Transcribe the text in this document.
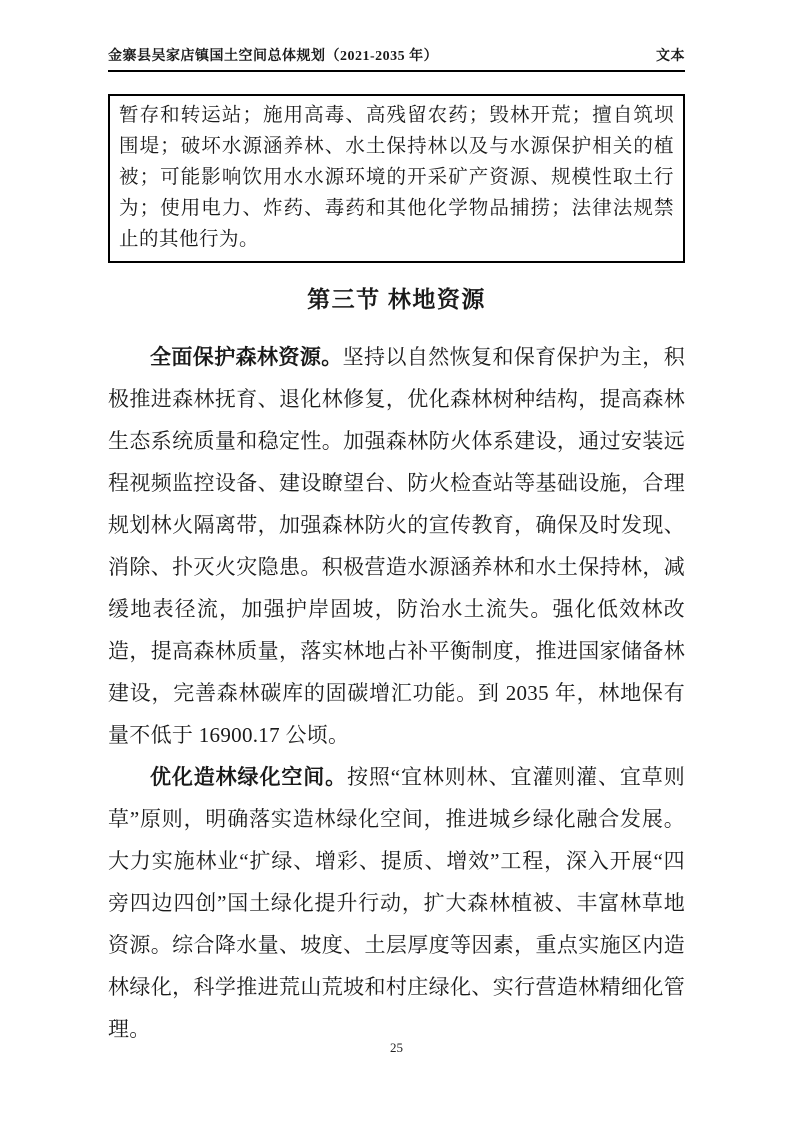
金寨县吴家店镇国土空间总体规划（2021-2035 年）	文本
暂存和转运站；施用高毒、高残留农药；毁林开荒；擅自筑坝围堤；破坏水源涵养林、水土保持林以及与水源保护相关的植被；可能影响饮用水水源环境的开采矿产资源、规模性取土行为；使用电力、炸药、毒药和其他化学物品捕捞；法律法规禁止的其他行为。
第三节 林地资源

全面保护森林资源。坚持以自然恢复和保育保护为主，积极推进森林抚育、退化林修复，优化森林树种结构，提高森林生态系统质量和稳定性。加强森林防火体系建设，通过安装远程视频监控设备、建设瞭望台、防火检查站等基础设施，合理规划林火隔离带，加强森林防火的宣传教育，确保及时发现、消除、扑灭火灾隐患。积极营造水源涵养林和水土保持林，减缓地表径流，加强护岸固坡，防治水土流失。强化低效林改造，提高森林质量，落实林地占补平衡制度，推进国家储备林建设，完善森林碳库的固碳增汇功能。到 2035 年，林地保有量不低于 16900.17 公顷。

优化造林绿化空间。按照“宜林则林、宜灌则灌、宜草则草”原则，明确落实造林绿化空间，推进城乡绿化融合发展。大力实施林业“扩绿、增彩、提质、增效”工程，深入开展“四旁四边四创”国土绿化提升行动，扩大森林植被、丰富林草地资源。综合降水量、坡度、土层厚度等因素，重点实施区内造林绿化，科学推进荒山荒坡和村庄绿化、实行营造林精细化管理。

25
